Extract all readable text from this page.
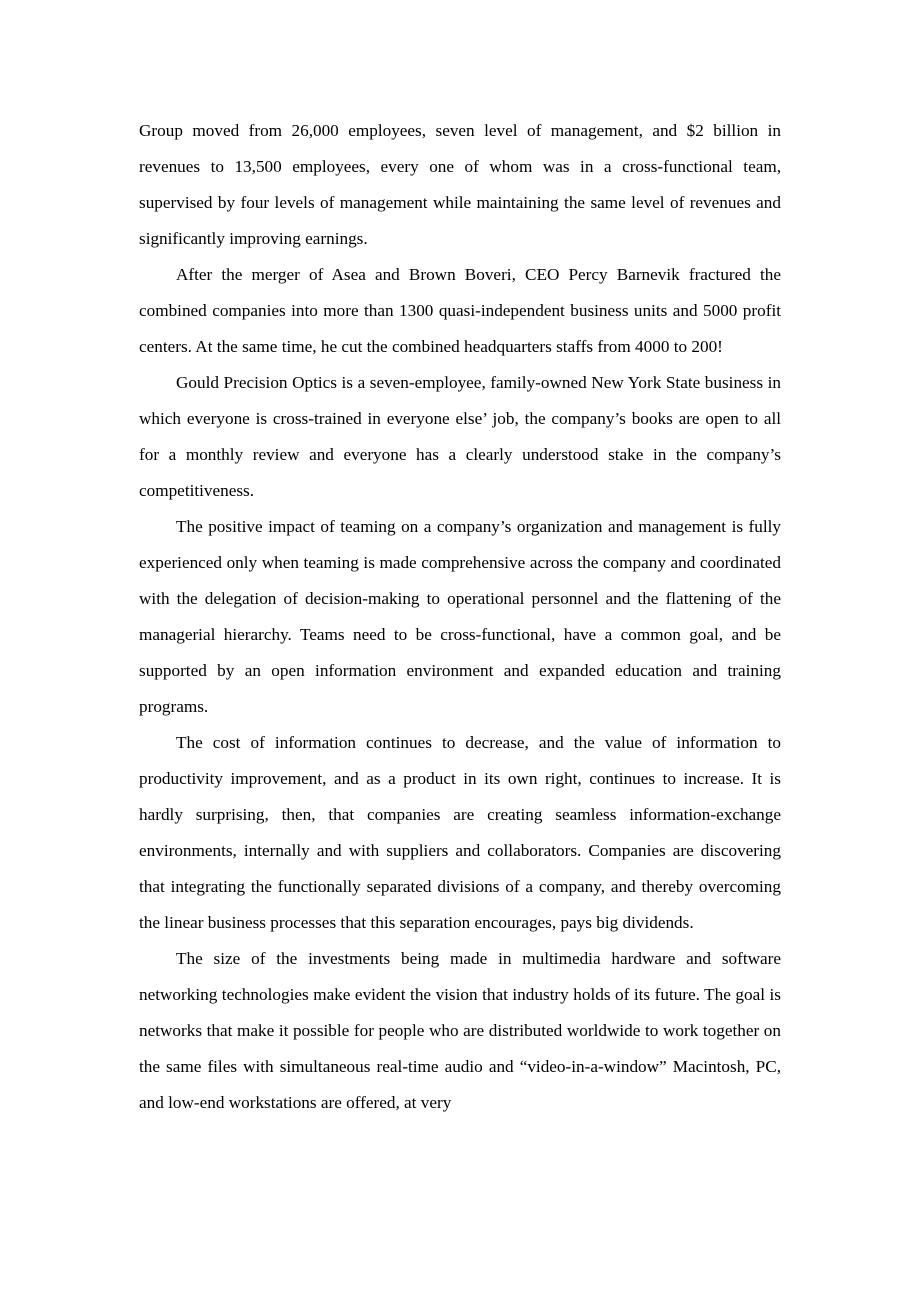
Group moved from 26,000 employees, seven level of management, and $2 billion in revenues to 13,500 employees, every one of whom was in a cross-functional team, supervised by four levels of management while maintaining the same level of revenues and significantly improving earnings.

After the merger of Asea and Brown Boveri, CEO Percy Barnevik fractured the combined companies into more than 1300 quasi-independent business units and 5000 profit centers. At the same time, he cut the combined headquarters staffs from 4000 to 200!

Gould Precision Optics is a seven-employee, family-owned New York State business in which everyone is cross-trained in everyone else’ job, the company’s books are open to all for a monthly review and everyone has a clearly understood stake in the company’s competitiveness.

The positive impact of teaming on a company’s organization and management is fully experienced only when teaming is made comprehensive across the company and coordinated with the delegation of decision-making to operational personnel and the flattening of the managerial hierarchy. Teams need to be cross-functional, have a common goal, and be supported by an open information environment and expanded education and training programs.

The cost of information continues to decrease, and the value of information to productivity improvement, and as a product in its own right, continues to increase. It is hardly surprising, then, that companies are creating seamless information-exchange environments, internally and with suppliers and collaborators. Companies are discovering that integrating the functionally separated divisions of a company, and thereby overcoming the linear business processes that this separation encourages, pays big dividends.

The size of the investments being made in multimedia hardware and software networking technologies make evident the vision that industry holds of its future. The goal is networks that make it possible for people who are distributed worldwide to work together on the same files with simultaneous real-time audio and “video-in-a-window” Macintosh, PC, and low-end workstations are offered, at very
